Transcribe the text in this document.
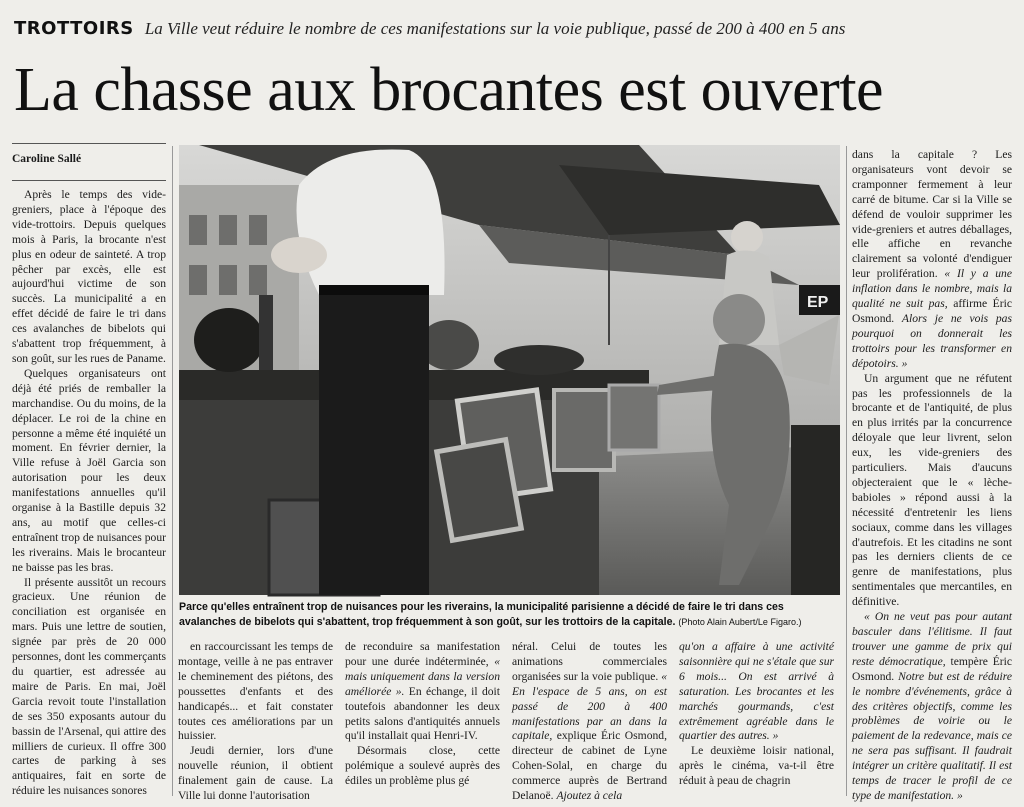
TROTTOIRS La Ville veut réduire le nombre de ces manifestations sur la voie publique, passé de 200 à 400 en 5 ans
La chasse aux brocantes est ouverte
Caroline Sallé

Après le temps des vide-greniers, place à l'époque des vide-trottoirs. Depuis quelques mois à Paris, la brocante n'est plus en odeur de sainteté. A trop pêcher par excès, elle est aujourd'hui victime de son succès. La municipalité a en effet décidé de faire le tri dans ces avalanches de bibelots qui s'abattent trop fréquemment, à son goût, sur les rues de Paname.

Quelques organisateurs ont déjà été priés de remballer la marchandise. Ou du moins, de la déplacer. Le roi de la chine en personne a même été inquiété un moment. En février dernier, la Ville refuse à Joël Garcia son autorisation pour les deux manifestations annuelles qu'il organise à la Bastille depuis 32 ans, au motif que celles-ci entraînent trop de nuisances pour les riverains. Mais le brocanteur ne baisse pas les bras.

Il présente aussitôt un recours gracieux. Une réunion de conciliation est organisée en mars. Puis une lettre de soutien, signée par près de 20 000 personnes, dont les commerçants du quartier, est adressée au maire de Paris. En mai, Joël Garcia revoit toute l'installation de ses 350 exposants autour du bassin de l'Arsenal, qui attire des milliers de curieux. Il offre 300 cartes de parking à ses antiquaires, fait en sorte de réduire les nuisances sonores

EP
Parce qu'elles entraînent trop de nuisances pour les riverains, la municipalité parisienne a décidé de faire le tri dans ces avalanches de bibelots qui s'abattent, trop fréquemment à son goût, sur les trottoirs de la capitale. (Photo Alain Aubert/Le Figaro.)

en raccourcissant les temps de montage, veille à ne pas entraver le cheminement des piétons, des poussettes d'enfants et des handicapés... et fait constater toutes ces améliorations par un huissier.

Jeudi dernier, lors d'une nouvelle réunion, il obtient finalement gain de cause. La Ville lui donne l'autorisation

de reconduire sa manifestation pour une durée indéterminée, « mais uniquement dans la version améliorée ». En échange, il doit toutefois abandonner les deux petits salons d'antiquités annuels qu'il installait quai Henri-IV.

Désormais close, cette polémique a soulevé auprès des édiles un problème plus gé

néral. Celui de toutes les animations commerciales organisées sur la voie publique. « En l'espace de 5 ans, on est passé de 200 à 400 manifestations par an dans la capitale, explique Éric Osmond, directeur de cabinet de Lyne Cohen-Solal, en charge du commerce auprès de Bertrand Delanoë. Ajoutez à cela

qu'on a affaire à une activité saisonnière qui ne s'étale que sur 6 mois... On est arrivé à saturation. Les brocantes et les marchés gourmands, c'est extrêmement agréable dans le quartier des autres. »

Le deuxième loisir national, après le cinéma, va-t-il être réduit à peau de chagrin

dans la capitale ? Les organisateurs vont devoir se cramponner fermement à leur carré de bitume. Car si la Ville se défend de vouloir supprimer les vide-greniers et autres déballages, elle affiche en revanche clairement sa volonté d'endiguer leur prolifération. « Il y a une inflation dans le nombre, mais la qualité ne suit pas, affirme Éric Osmond. Alors je ne vois pas pourquoi on donnerait les trottoirs pour les transformer en dépotoirs. »

Un argument que ne réfutent pas les professionnels de la brocante et de l'antiquité, de plus en plus irrités par la concurrence déloyale que leur livrent, selon eux, les vide-greniers des particuliers. Mais d'aucuns objecteraient que le « lèche-babioles » répond aussi à la nécessité d'entretenir les liens sociaux, comme dans les villages d'autrefois. Et les citadins ne sont pas les derniers clients de ce genre de manifestations, plus sentimentales que mercantiles, en définitive.

« On ne veut pas pour autant basculer dans l'élitisme. Il faut trouver une gamme de prix qui reste démocratique, tempère Éric Osmond. Notre but est de réduire le nombre d'événements, grâce à des critères objectifs, comme les problèmes de voirie ou le paiement de la redevance, mais ce ne sera pas suffisant. Il faudrait intégrer un critère qualitatif. Il est temps de tracer le profil de ce type de manifestation. »
